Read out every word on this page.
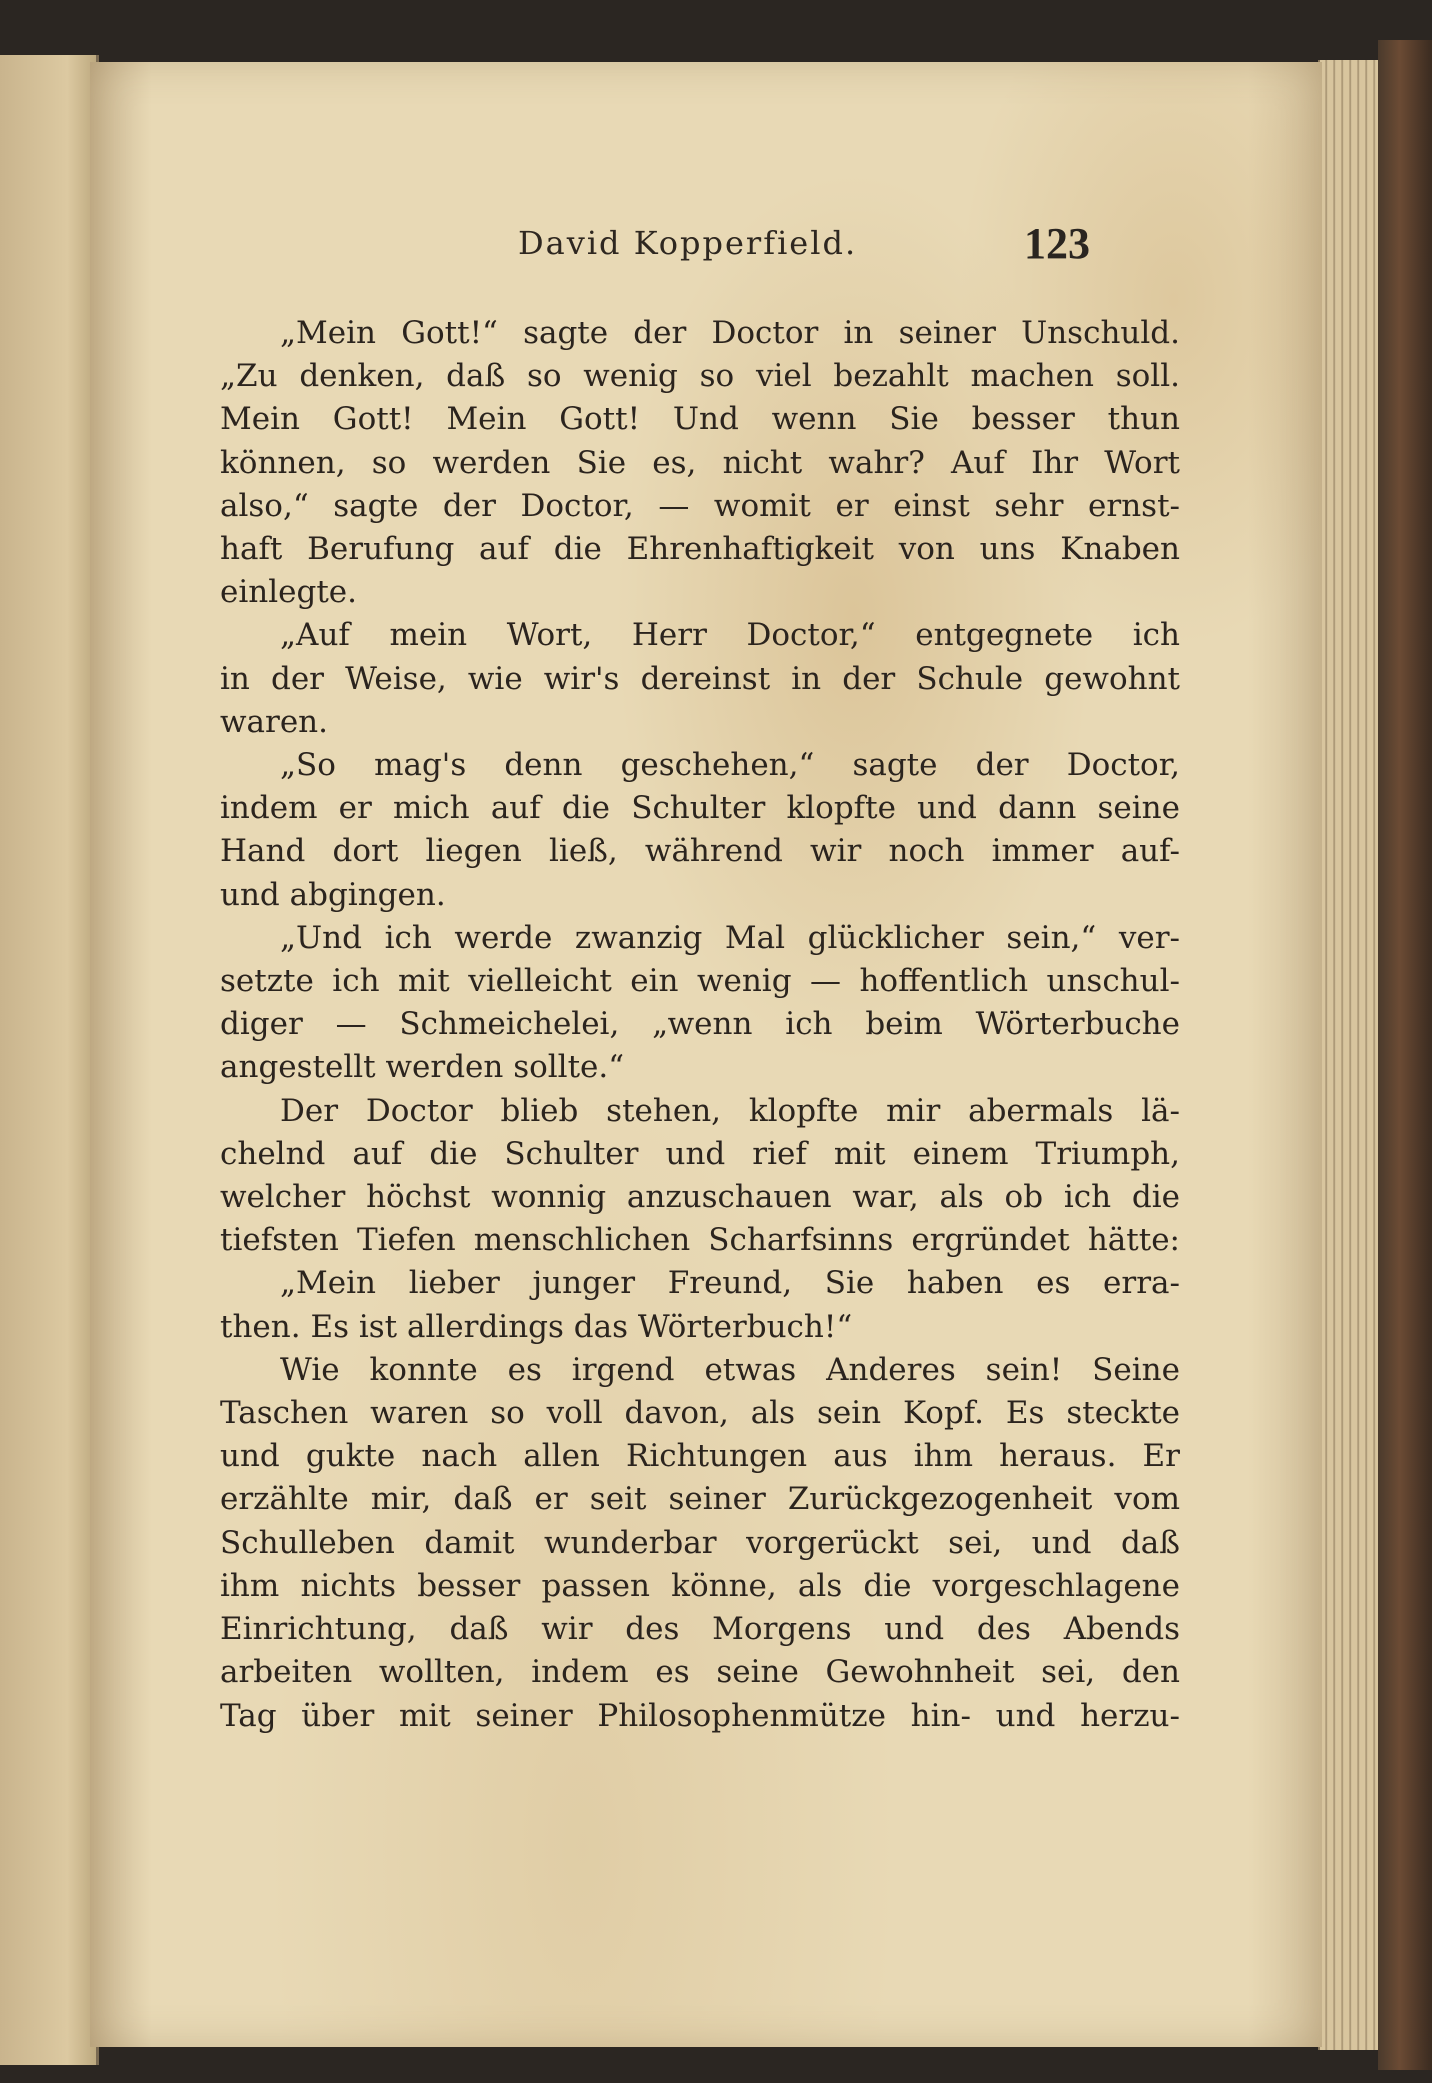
David Kopperfield.	123
„Mein Gott!“ sagte der Doctor in seiner Unschuld.
„Zu denken, daß so wenig so viel bezahlt machen soll.
Mein Gott! Mein Gott! Und wenn Sie besser thun
können, so werden Sie es, nicht wahr? Auf Ihr Wort
also,“ sagte der Doctor, — womit er einst sehr ernst-
haft Berufung auf die Ehrenhaftigkeit von uns Knaben
einlegte.
„Auf mein Wort, Herr Doctor,“ entgegnete ich
in der Weise, wie wir's dereinst in der Schule gewohnt
waren.
„So mag's denn geschehen,“ sagte der Doctor,
indem er mich auf die Schulter klopfte und dann seine
Hand dort liegen ließ, während wir noch immer auf-
und abgingen.
„Und ich werde zwanzig Mal glücklicher sein,“ ver-
setzte ich mit vielleicht ein wenig — hoffentlich unschul-
diger — Schmeichelei, „wenn ich beim Wörterbuche
angestellt werden sollte.“
Der Doctor blieb stehen, klopfte mir abermals lä-
chelnd auf die Schulter und rief mit einem Triumph,
welcher höchst wonnig anzuschauen war, als ob ich die
tiefsten Tiefen menschlichen Scharfsinns ergründet hätte:
„Mein lieber junger Freund, Sie haben es erra-
then. Es ist allerdings das Wörterbuch!“
Wie konnte es irgend etwas Anderes sein! Seine
Taschen waren so voll davon, als sein Kopf. Es steckte
und gukte nach allen Richtungen aus ihm heraus. Er
erzählte mir, daß er seit seiner Zurückgezogenheit vom
Schulleben damit wunderbar vorgerückt sei, und daß
ihm nichts besser passen könne, als die vorgeschlagene
Einrichtung, daß wir des Morgens und des Abends
arbeiten wollten, indem es seine Gewohnheit sei, den
Tag über mit seiner Philosophenmütze hin- und herzu-
